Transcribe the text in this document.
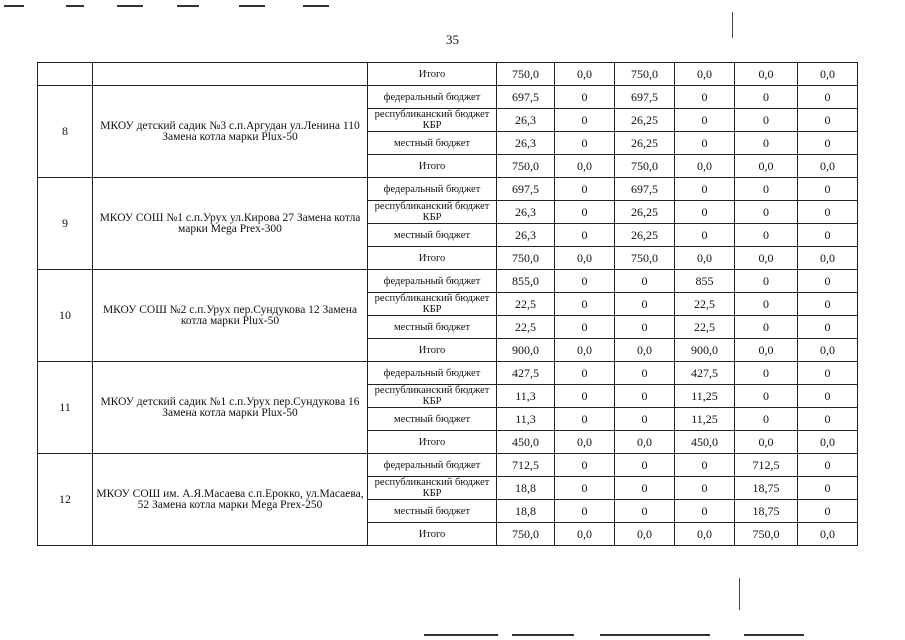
35
		Итого	750,0	0,0	750,0	0,0	0,0	0,0
8	МКОУ детский садик №3 с.п.Аргудан ул.Ленина 110 Замена котла марки Plux-50	федеральный бюджет	697,5	0	697,5	0	0	0
		республиканский бюджет КБР	26,3	0	26,25	0	0	0
		местный бюджет	26,3	0	26,25	0	0	0
		Итого	750,0	0,0	750,0	0,0	0,0	0,0
9	МКОУ СОШ №1 с.п.Урух ул.Кирова 27 Замена котла марки Mega Prex-300	федеральный бюджет	697,5	0	697,5	0	0	0
		республиканский бюджет КБР	26,3	0	26,25	0	0	0
		местный бюджет	26,3	0	26,25	0	0	0
		Итого	750,0	0,0	750,0	0,0	0,0	0,0
10	МКОУ СОШ №2 с.п.Урух пер.Сундукова 12 Замена котла марки Plux-50	федеральный бюджет	855,0	0	0	855	0	0
		республиканский бюджет КБР	22,5	0	0	22,5	0	0
		местный бюджет	22,5	0	0	22,5	0	0
		Итого	900,0	0,0	0,0	900,0	0,0	0,0
11	МКОУ детский садик №1 с.п.Урух пер.Сундукова 16 Замена котла марки Plux-50	федеральный бюджет	427,5	0	0	427,5	0	0
		республиканский бюджет КБР	11,3	0	0	11,25	0	0
		местный бюджет	11,3	0	0	11,25	0	0
		Итого	450,0	0,0	0,0	450,0	0,0	0,0
12	МКОУ СОШ им. А.Я.Масаева с.п.Ерокко, ул.Масаева, 52 Замена котла марки Mega Prex-250	федеральный бюджет	712,5	0	0	0	712,5	0
		республиканский бюджет КБР	18,8	0	0	0	18,75	0
		местный бюджет	18,8	0	0	0	18,75	0
		Итого	750,0	0,0	0,0	0,0	750,0	0,0
